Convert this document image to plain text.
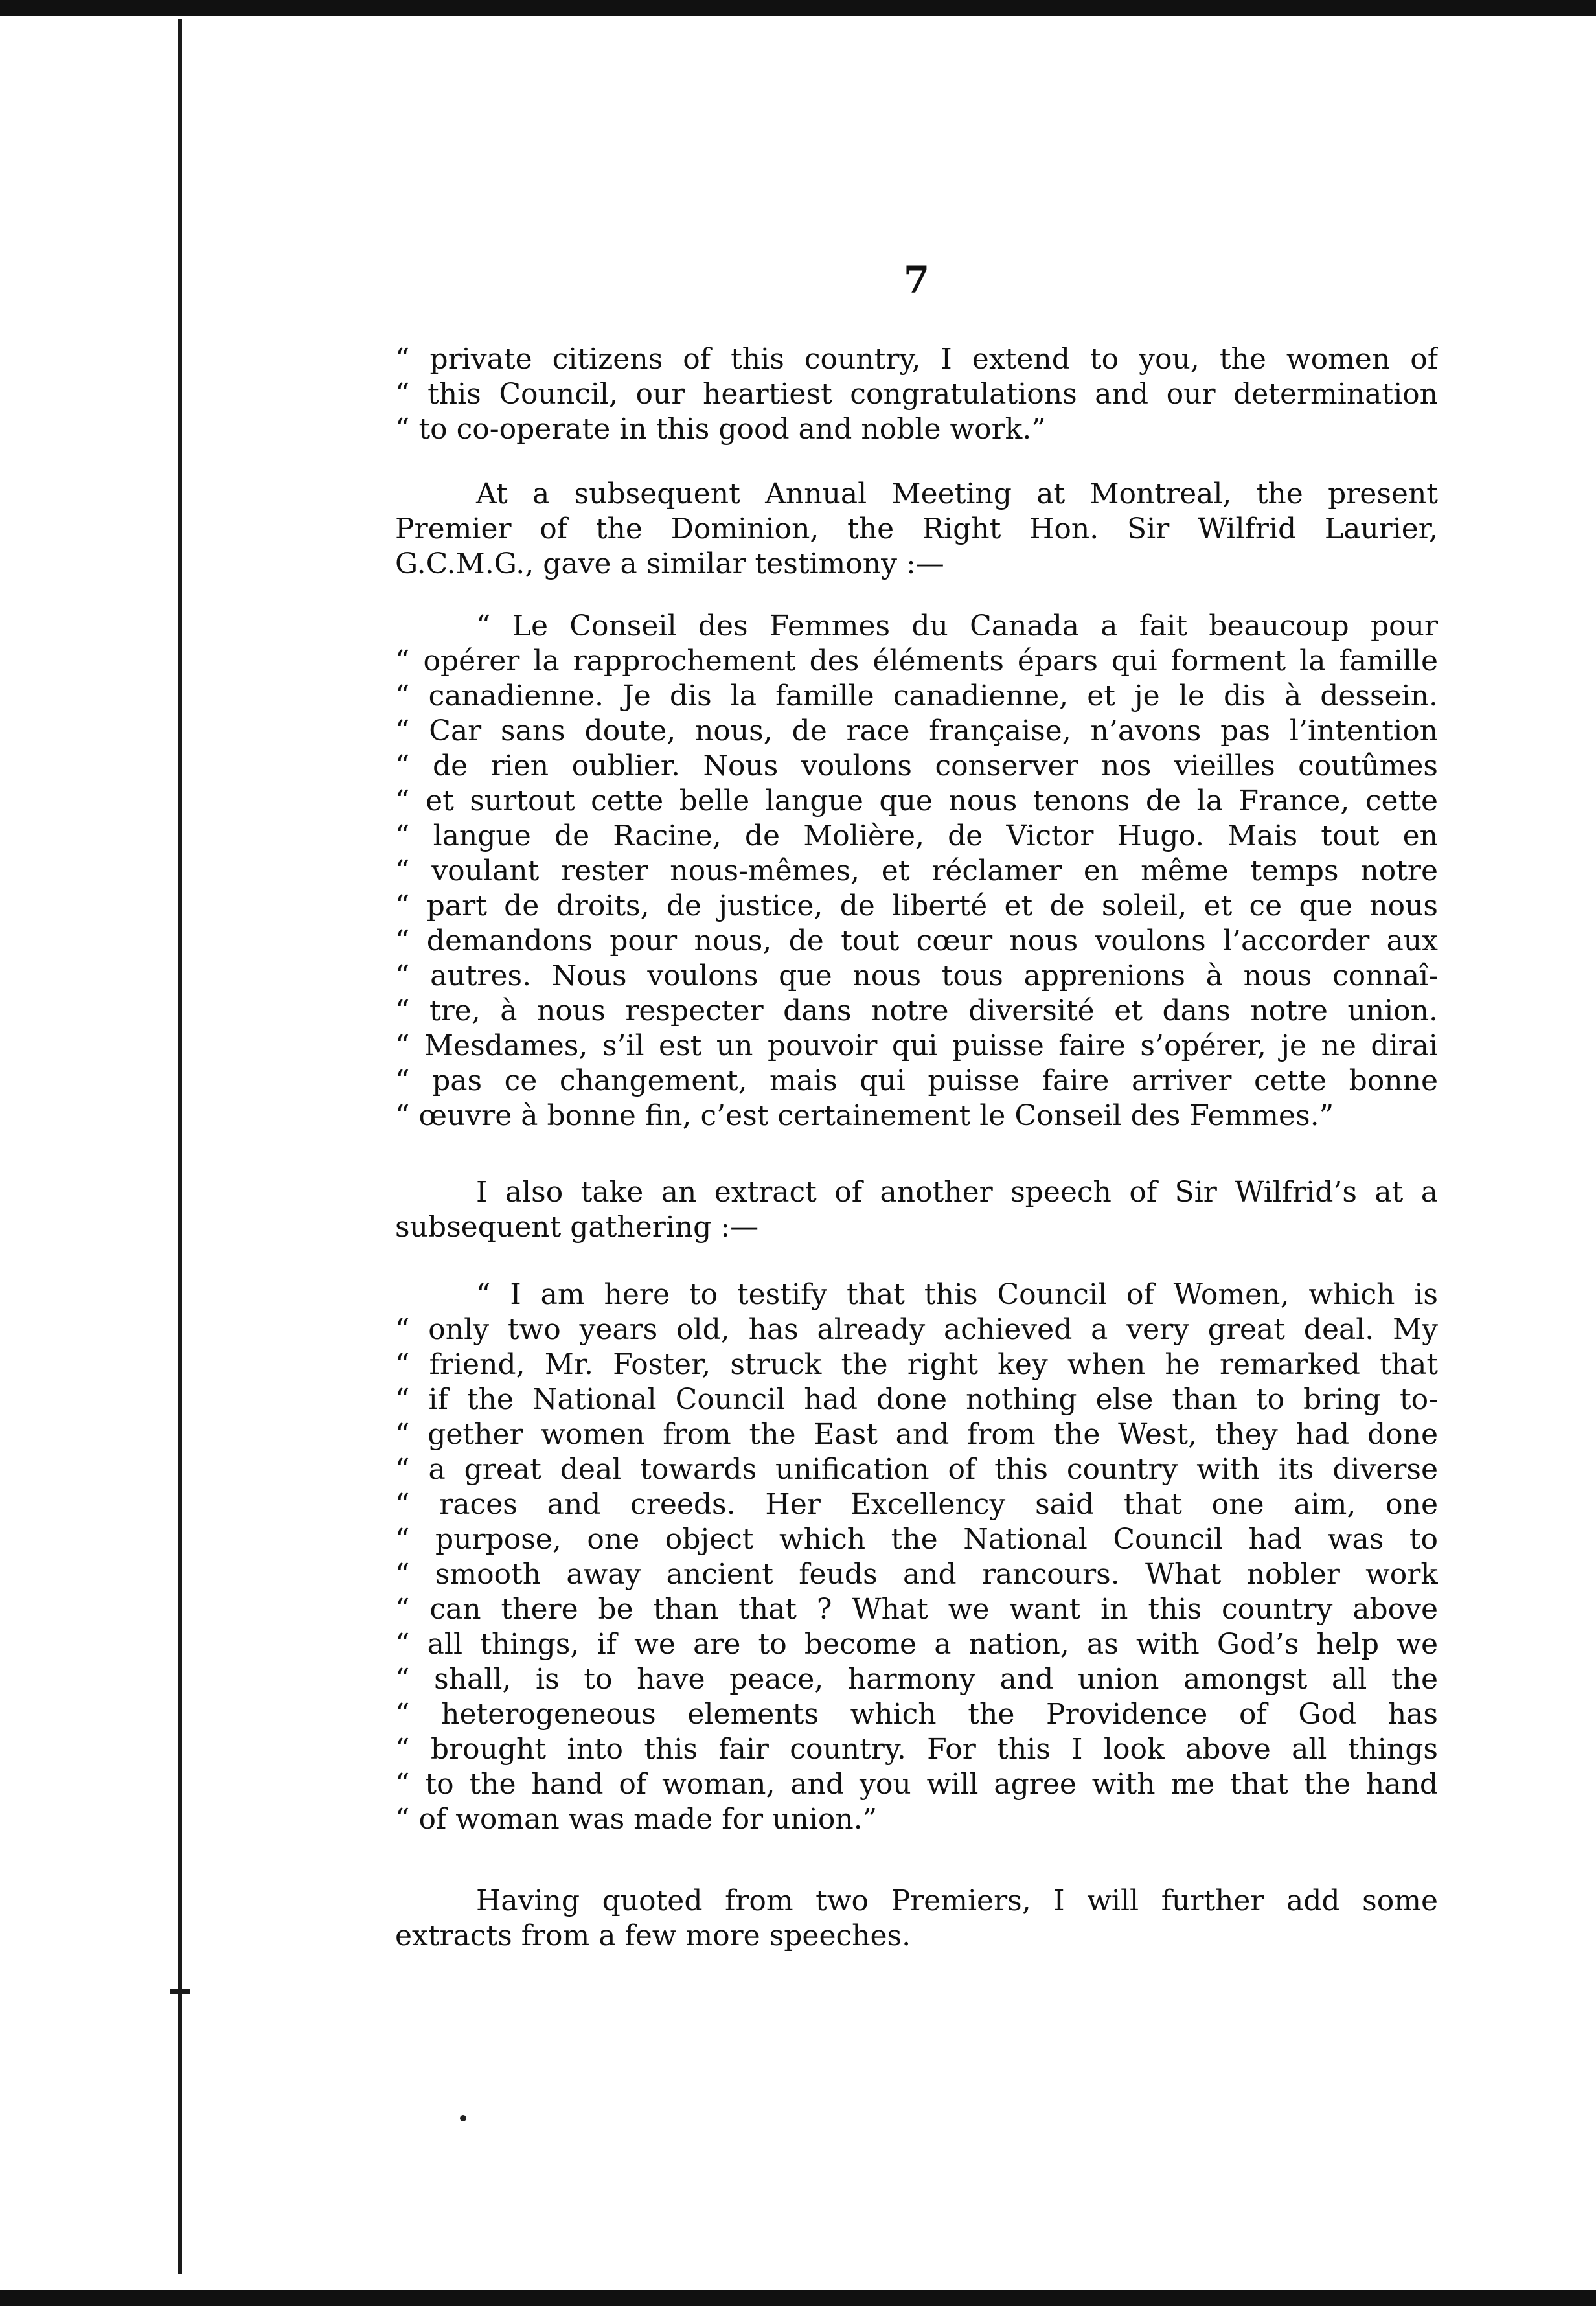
7
“ private citizens of this country, I extend to you, the women of
“ this Council, our heartiest congratulations and our determination
“ to co-operate in this good and noble work.”
At a subsequent Annual Meeting at Montreal, the present
Premier of the Dominion, the Right Hon. Sir Wilfrid Laurier,
G.C.M.G., gave a similar testimony :—
“ Le Conseil des Femmes du Canada a fait beaucoup pour
“ opérer la rapprochement des éléments épars qui forment la famille
“ canadienne. Je dis la famille canadienne, et je le dis à dessein.
“ Car sans doute, nous, de race française, n’avons pas l’intention
“ de rien oublier. Nous voulons conserver nos vieilles coutûmes
“ et surtout cette belle langue que nous tenons de la France, cette
“ langue de Racine, de Molière, de Victor Hugo. Mais tout en
“ voulant rester nous-mêmes, et réclamer en même temps notre
“ part de droits, de justice, de liberté et de soleil, et ce que nous
“ demandons pour nous, de tout cœur nous voulons l’accorder aux
“ autres. Nous voulons que nous tous apprenions à nous connaî-
“ tre, à nous respecter dans notre diversité et dans notre union.
“ Mesdames, s’il est un pouvoir qui puisse faire s’opérer, je ne dirai
“ pas ce changement, mais qui puisse faire arriver cette bonne
“ œuvre à bonne fin, c’est certainement le Conseil des Femmes.”
I also take an extract of another speech of Sir Wilfrid’s at a
subsequent gathering :—
“ I am here to testify that this Council of Women, which is
“ only two years old, has already achieved a very great deal. My
“ friend, Mr. Foster, struck the right key when he remarked that
“ if the National Council had done nothing else than to bring to-
“ gether women from the East and from the West, they had done
“ a great deal towards unification of this country with its diverse
“ races and creeds. Her Excellency said that one aim, one
“ purpose, one object which the National Council had was to
“ smooth away ancient feuds and rancours. What nobler work
“ can there be than that ? What we want in this country above
“ all things, if we are to become a nation, as with God’s help we
“ shall, is to have peace, harmony and union amongst all the
“ heterogeneous elements which the Providence of God has
“ brought into this fair country. For this I look above all things
“ to the hand of woman, and you will agree with me that the hand
“ of woman was made for union.”
Having quoted from two Premiers, I will further add some
extracts from a few more speeches.
